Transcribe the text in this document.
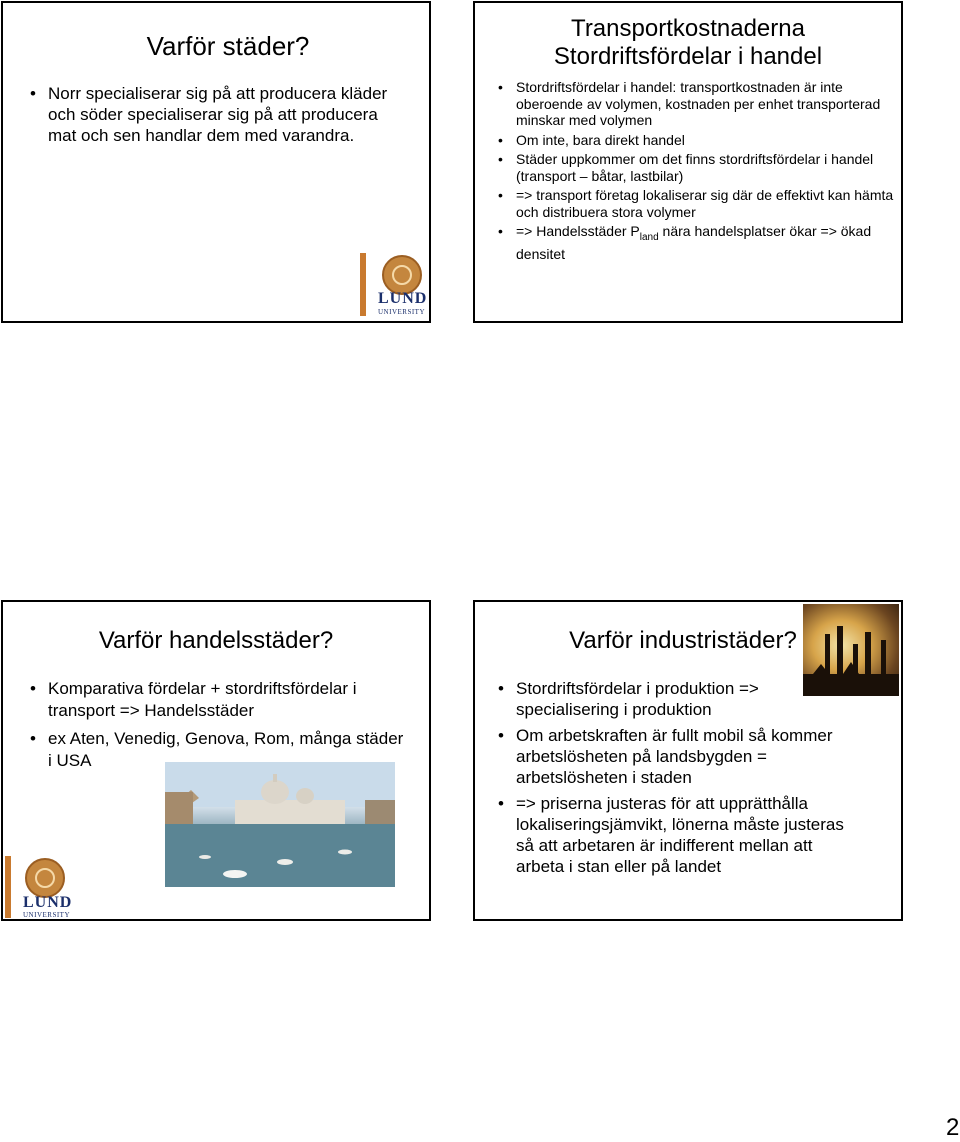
Varför städer?
• Norr specialiserar sig på att producera kläder och söder specialiserar sig på att producera mat och sen handlar dem med varandra.
LUND
UNIVERSITY
Transportkostnaderna
Stordriftsfördelar i handel
• Stordriftsfördelar i handel: transportkostnaden är inte oberoende av volymen, kostnaden per enhet transporterad minskar med volymen
• Om inte, bara direkt handel
• Städer uppkommer om det finns stordriftsfördelar i handel (transport – båtar, lastbilar)
• => transport företag lokaliserar sig där de effektivt kan hämta och distribuera stora volymer
• => Handelsstäder $P_{land}$ nära handelsplatser ökar => ökad densitet
Varför handelsstäder?
• Komparativa fördelar + stordriftsfördelar i transport => Handelsstäder
• ex Aten, Venedig, Genova, Rom, många städer i USA
LUND
UNIVERSITY
Varför industristäder?
• Stordriftsfördelar i produktion => specialisering i produktion
• Om arbetskraften är fullt mobil så kommer arbetslösheten på landsbygden = arbetslösheten i staden
• => priserna justeras för att upprätthålla lokaliseringsjämvikt, lönerna måste justeras så att arbetaren är indifferent mellan att arbeta i stan eller på landet
2
